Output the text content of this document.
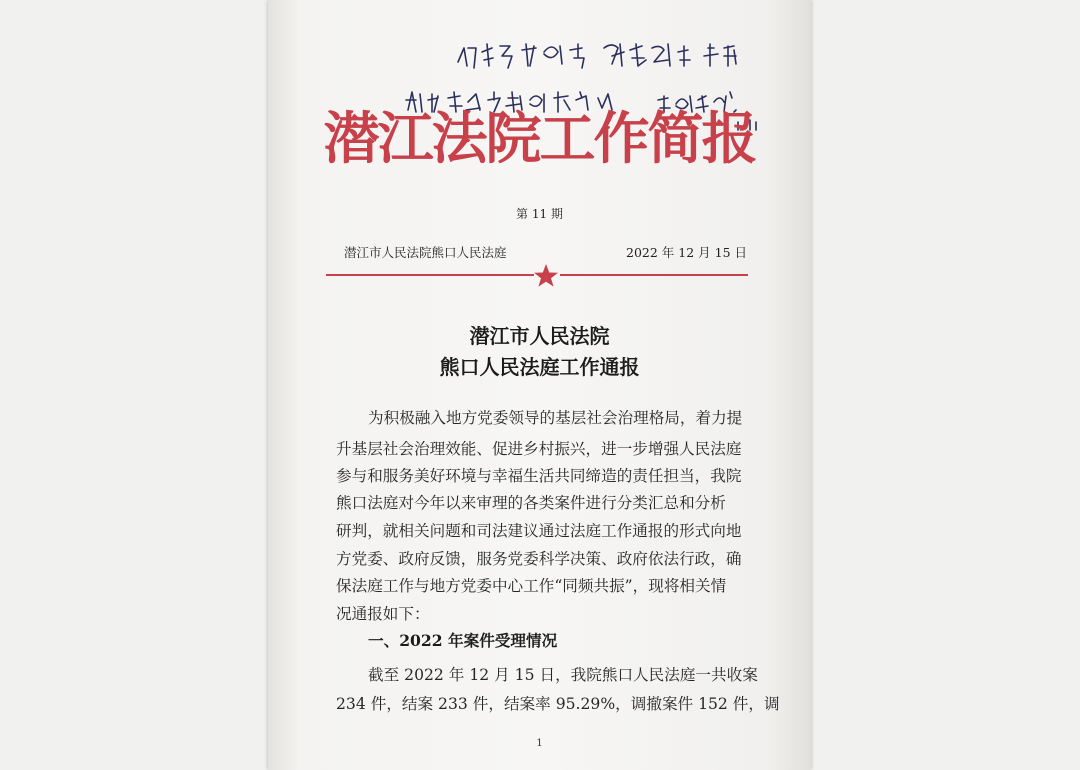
潜江法院工作简报
第 11 期
潜江市人民法院熊口人民法庭	2022 年 12 月 15 日
潜江市人民法院
熊口人民法庭工作通报
为积极融入地方党委领导的基层社会治理格局，着力提
升基层社会治理效能、促进乡村振兴，进一步增强人民法庭
参与和服务美好环境与幸福生活共同缔造的责任担当，我院
熊口法庭对今年以来审理的各类案件进行分类汇总和分析
研判，就相关问题和司法建议通过法庭工作通报的形式向地
方党委、政府反馈，服务党委科学决策、政府依法行政，确
保法庭工作与地方党委中心工作“同频共振”，现将相关情
况通报如下：
一、2022 年案件受理情况
截至 2022 年 12 月 15 日，我院熊口人民法庭一共收案
234 件，结案 233 件，结案率 95.29%，调撤案件 152 件，调
1
